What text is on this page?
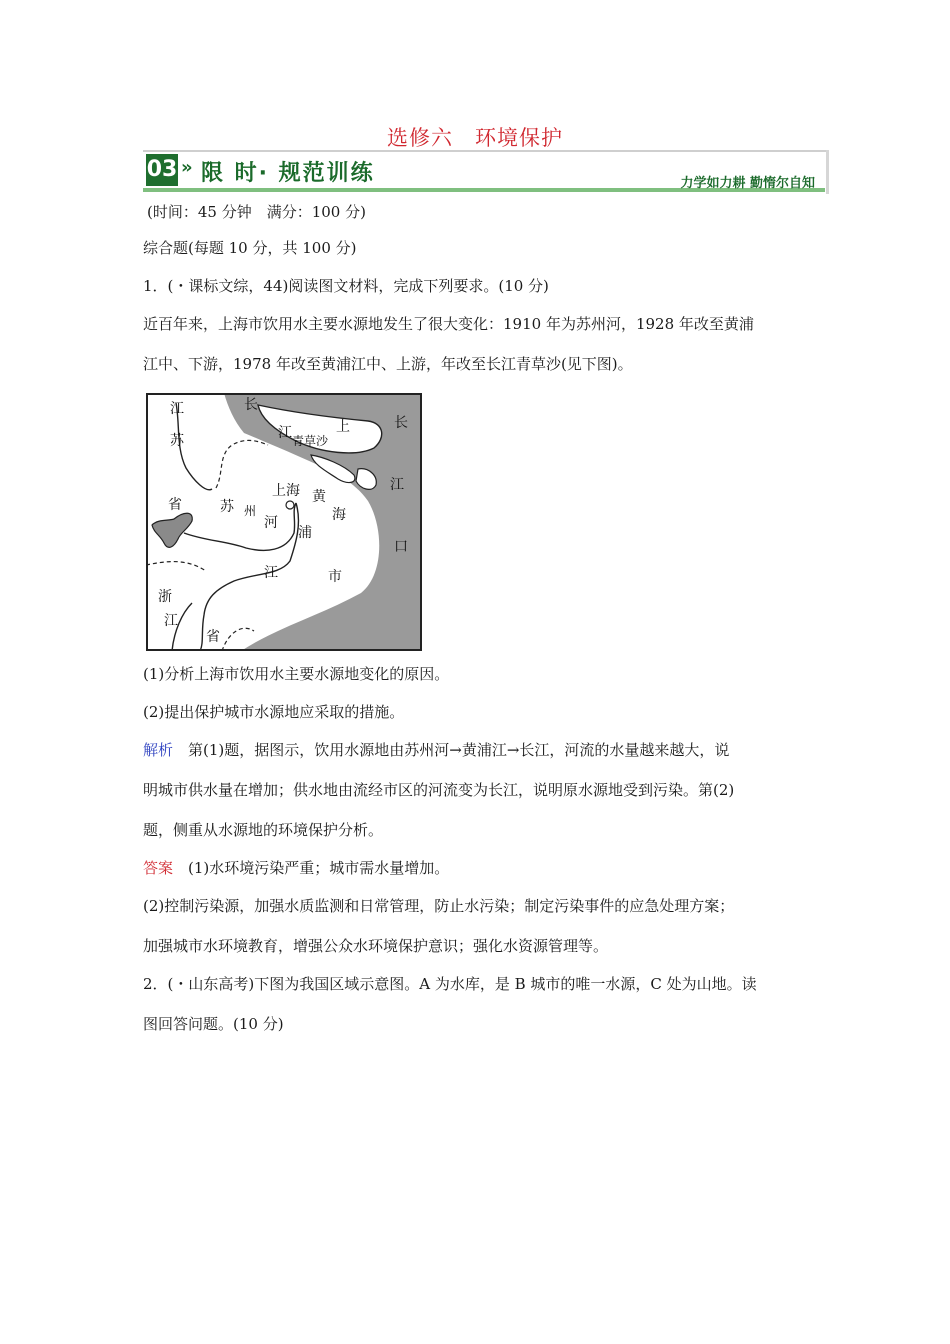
选修六　环境保护
03 » 限 时· 规范训练	力学如力耕 勤惰尔自知
(时间：45 分钟　满分：100 分)
综合题(每题 10 分，共 100 分)
1．(・课标文综，44)阅读图文材料，完成下列要求。(10 分)
近百年来，上海市饮用水主要水源地发生了很大变化：1910 年为苏州河，1928 年改至黄浦
江中、下游，1978 年改至黄浦江中、上游，年改至长江青草沙(见下图)。
江
苏
省
长
江 青草沙
上	长
江
口
上海 黄
海
苏 州
河
浦
江	市
浙
江
省
(1)分析上海市饮用水主要水源地变化的原因。
(2)提出保护城市水源地应采取的措施。
解析　第(1)题，据图示，饮用水源地由苏州河→黄浦江→长江，河流的水量越来越大，说
明城市供水量在增加；供水地由流经市区的河流变为长江，说明原水源地受到污染。第(2)
题，侧重从水源地的环境保护分析。
答案　(1)水环境污染严重；城市需水量增加。
(2)控制污染源，加强水质监测和日常管理，防止水污染；制定污染事件的应急处理方案；
加强城市水环境教育，增强公众水环境保护意识；强化水资源管理等。
2．(・山东高考)下图为我国区域示意图。A 为水库，是 B 城市的唯一水源，C 处为山地。读
图回答问题。(10 分)
